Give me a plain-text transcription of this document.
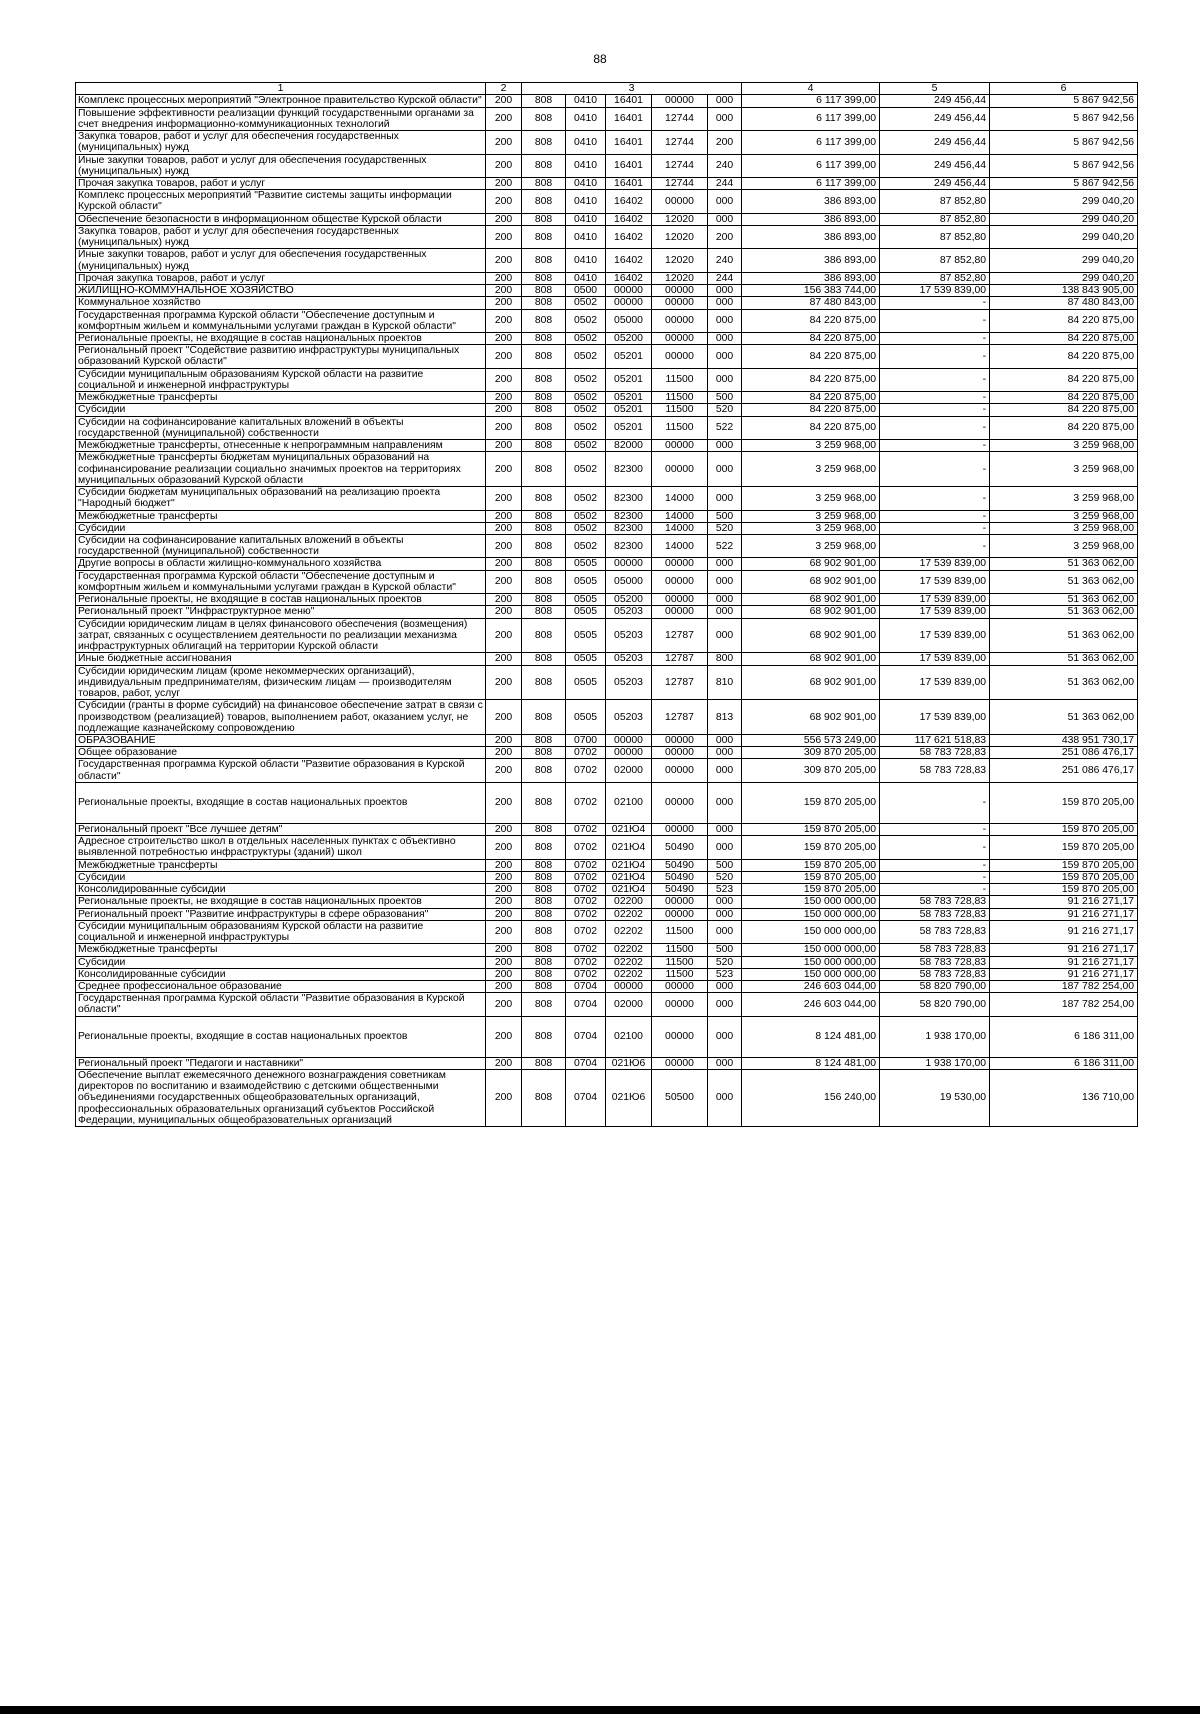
88
1	2	3					4	5	6
Комплекс процессных мероприятий "Электронное правительство Курской области"	200	808	0410	16401	00000	000	6 117 399,00	249 456,44	5 867 942,56
Повышение эффективности реализации функций государственными органами за счет внедрения информационно-коммуникационных технологий	200	808	0410	16401	12744	000	6 117 399,00	249 456,44	5 867 942,56
Закупка товаров, работ и услуг для обеспечения государственных (муниципальных) нужд	200	808	0410	16401	12744	200	6 117 399,00	249 456,44	5 867 942,56
Иные закупки товаров, работ и услуг для обеспечения государственных (муниципальных) нужд	200	808	0410	16401	12744	240	6 117 399,00	249 456,44	5 867 942,56
Прочая закупка товаров, работ и услуг	200	808	0410	16401	12744	244	6 117 399,00	249 456,44	5 867 942,56
Комплекс процессных мероприятий "Развитие системы защиты информации Курской области"	200	808	0410	16402	00000	000	386 893,00	87 852,80	299 040,20
Обеспечение безопасности в информационном обществе Курской области	200	808	0410	16402	12020	000	386 893,00	87 852,80	299 040,20
Закупка товаров, работ и услуг для обеспечения государственных (муниципальных) нужд	200	808	0410	16402	12020	200	386 893,00	87 852,80	299 040,20
Иные закупки товаров, работ и услуг для обеспечения государственных (муниципальных) нужд	200	808	0410	16402	12020	240	386 893,00	87 852,80	299 040,20
Прочая закупка товаров, работ и услуг	200	808	0410	16402	12020	244	386 893,00	87 852,80	299 040,20
ЖИЛИЩНО-КОММУНАЛЬНОЕ ХОЗЯЙСТВО	200	808	0500	00000	00000	000	156 383 744,00	17 539 839,00	138 843 905,00
Коммунальное хозяйство	200	808	0502	00000	00000	000	87 480 843,00	-	87 480 843,00
Государственная программа Курской области "Обеспечение доступным и комфортным жильем и коммунальными услугами граждан в Курской области"	200	808	0502	05000	00000	000	84 220 875,00	-	84 220 875,00
Региональные проекты, не входящие в состав национальных проектов	200	808	0502	05200	00000	000	84 220 875,00	-	84 220 875,00
Региональный проект "Содействие развитию инфраструктуры муниципальных образований Курской области"	200	808	0502	05201	00000	000	84 220 875,00	-	84 220 875,00
Субсидии муниципальным образованиям Курской области на развитие социальной и инженерной инфраструктуры	200	808	0502	05201	11500	000	84 220 875,00	-	84 220 875,00
Межбюджетные трансферты	200	808	0502	05201	11500	500	84 220 875,00	-	84 220 875,00
Субсидии	200	808	0502	05201	11500	520	84 220 875,00	-	84 220 875,00
Субсидии на софинансирование капитальных вложений в объекты государственной (муниципальной) собственности	200	808	0502	05201	11500	522	84 220 875,00	-	84 220 875,00
Межбюджетные трансферты, отнесенные к непрограммным направлениям	200	808	0502	82000	00000	000	3 259 968,00	-	3 259 968,00
Межбюджетные трансферты бюджетам муниципальных образований на софинансирование реализации социально значимых проектов на территориях муниципальных образований Курской области	200	808	0502	82300	00000	000	3 259 968,00	-	3 259 968,00
Субсидии бюджетам муниципальных образований на реализацию проекта "Народный бюджет"	200	808	0502	82300	14000	000	3 259 968,00	-	3 259 968,00
Межбюджетные трансферты	200	808	0502	82300	14000	500	3 259 968,00	-	3 259 968,00
Субсидии	200	808	0502	82300	14000	520	3 259 968,00	-	3 259 968,00
Субсидии на софинансирование капитальных вложений в объекты государственной (муниципальной) собственности	200	808	0502	82300	14000	522	3 259 968,00	-	3 259 968,00
Другие вопросы в области жилищно-коммунального хозяйства	200	808	0505	00000	00000	000	68 902 901,00	17 539 839,00	51 363 062,00
Государственная программа Курской области "Обеспечение доступным и комфортным жильем и коммунальными услугами граждан в Курской области"	200	808	0505	05000	00000	000	68 902 901,00	17 539 839,00	51 363 062,00
Региональные проекты, не входящие в состав национальных проектов	200	808	0505	05200	00000	000	68 902 901,00	17 539 839,00	51 363 062,00
Региональный проект "Инфраструктурное меню"	200	808	0505	05203	00000	000	68 902 901,00	17 539 839,00	51 363 062,00
Субсидии юридическим лицам в целях финансового обеспечения (возмещения) затрат, связанных с осуществлением деятельности по реализации механизма инфраструктурных облигаций на территории Курской области	200	808	0505	05203	12787	000	68 902 901,00	17 539 839,00	51 363 062,00
Иные бюджетные ассигнования	200	808	0505	05203	12787	800	68 902 901,00	17 539 839,00	51 363 062,00
Субсидии юридическим лицам (кроме некоммерческих организаций), индивидуальным предпринимателям, физическим лицам — производителям товаров, работ, услуг	200	808	0505	05203	12787	810	68 902 901,00	17 539 839,00	51 363 062,00
Субсидии (гранты в форме субсидий) на финансовое обеспечение затрат в связи с производством (реализацией) товаров, выполнением работ, оказанием услуг, не подлежащие казначейскому сопровождению	200	808	0505	05203	12787	813	68 902 901,00	17 539 839,00	51 363 062,00
ОБРАЗОВАНИЕ	200	808	0700	00000	00000	000	556 573 249,00	117 621 518,83	438 951 730,17
Общее образование	200	808	0702	00000	00000	000	309 870 205,00	58 783 728,83	251 086 476,17
Государственная программа Курской области "Развитие образования в Курской области"	200	808	0702	02000	00000	000	309 870 205,00	58 783 728,83	251 086 476,17
Региональные проекты, входящие в состав национальных проектов	200	808	0702	02100	00000	000	159 870 205,00	-	159 870 205,00
Региональный проект "Все лучшее детям"	200	808	0702	021Ю4	00000	000	159 870 205,00	-	159 870 205,00
Адресное строительство школ в отдельных населенных пунктах с объективно выявленной потребностью инфраструктуры (зданий) школ	200	808	0702	021Ю4	50490	000	159 870 205,00	-	159 870 205,00
Межбюджетные трансферты	200	808	0702	021Ю4	50490	500	159 870 205,00	-	159 870 205,00
Субсидии	200	808	0702	021Ю4	50490	520	159 870 205,00	-	159 870 205,00
Консолидированные субсидии	200	808	0702	021Ю4	50490	523	159 870 205,00	-	159 870 205,00
Региональные проекты, не входящие в состав национальных проектов	200	808	0702	02200	00000	000	150 000 000,00	58 783 728,83	91 216 271,17
Региональный проект "Развитие инфраструктуры в сфере образования"	200	808	0702	02202	00000	000	150 000 000,00	58 783 728,83	91 216 271,17
Субсидии муниципальным образованиям Курской области на развитие социальной и инженерной инфраструктуры	200	808	0702	02202	11500	000	150 000 000,00	58 783 728,83	91 216 271,17
Межбюджетные трансферты	200	808	0702	02202	11500	500	150 000 000,00	58 783 728,83	91 216 271,17
Субсидии	200	808	0702	02202	11500	520	150 000 000,00	58 783 728,83	91 216 271,17
Консолидированные субсидии	200	808	0702	02202	11500	523	150 000 000,00	58 783 728,83	91 216 271,17
Среднее профессиональное образование	200	808	0704	00000	00000	000	246 603 044,00	58 820 790,00	187 782 254,00
Государственная программа Курской области "Развитие образования в Курской области"	200	808	0704	02000	00000	000	246 603 044,00	58 820 790,00	187 782 254,00
Региональные проекты, входящие в состав национальных проектов	200	808	0704	02100	00000	000	8 124 481,00	1 938 170,00	6 186 311,00
Региональный проект "Педагоги и наставники"	200	808	0704	021Ю6	00000	000	8 124 481,00	1 938 170,00	6 186 311,00
Обеспечение выплат ежемесячного денежного вознаграждения советникам директоров по воспитанию и взаимодействию с детскими общественными объединениями государственных общеобразовательных организаций, профессиональных образовательных организаций субъектов Российской Федерации, муниципальных общеобразовательных организаций	200	808	0704	021Ю6	50500	000	156 240,00	19 530,00	136 710,00
